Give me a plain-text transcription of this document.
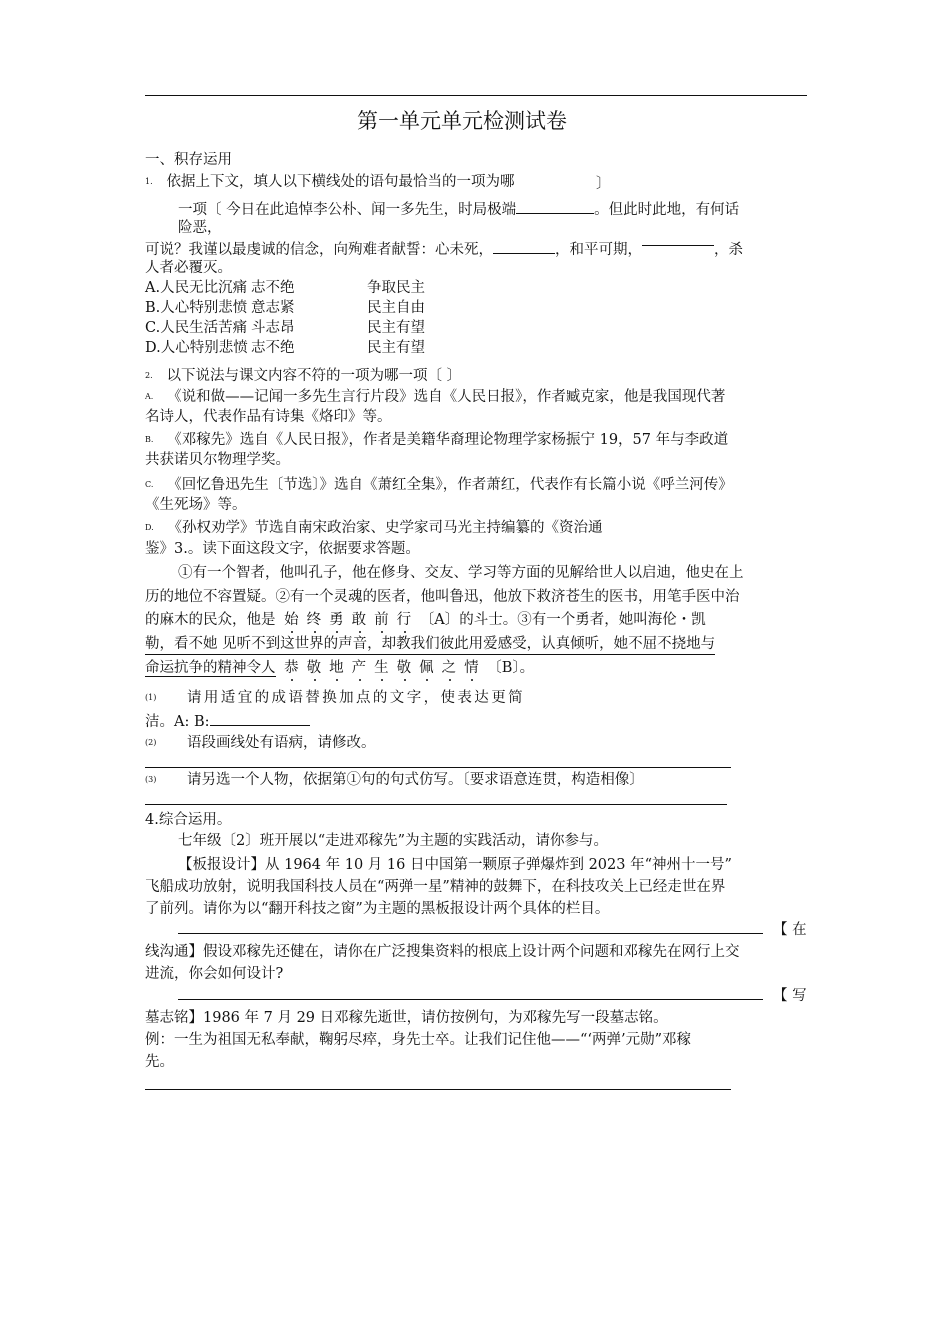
第一单元单元检测试卷
一、积存运用
1. 依据上下文，填人以下横线处的语句最恰当的一项为哪	〕
一项〔 今日在此追悼李公朴、闻一多先生，时局极端	。但此时此地，有何话
险恶，
可说？我谨以最虔诚的信念，向殉难者献誓：心未死，	，和平可期，	，杀
人者必覆灭。
A.人民无比沉痛 志不绝	争取民主
B.人心特别悲愤 意志紧	民主自由
C.人民生活苦痛 斗志昂	民主有望
D.人心特别悲愤 志不绝	民主有望
2. 以下说法与课文内容不符的一项为哪一项〔 〕
A. 《说和做——记闻一多先生言行片段》选自《人民日报》，作者臧克家，他是我国现代著
名诗人，代表作品有诗集《烙印》等。
B. 《邓稼先》选自《人民日报》，作者是美籍华裔理论物理学家杨振宁 19，57 年与李政道
共获诺贝尔物理学奖。
C. 《回忆鲁迅先生〔节选〕》选自《萧红全集》，作者萧红，代表作有长篇小说《呼兰河传》
《生死场》等。
D. 《孙权劝学》节选自南宋政治家、史学家司马光主持编纂的《资治通
鉴》3.。读下面这段文字，依据要求答题。
①有一个智者，他叫孔子，他在修身、交友、学习等方面的见解给世人以启迪，他史在上
历的地位不容置疑。②有一个灵魂的医者，他叫鲁迅，他放下救济苍生的医书，用笔手医中治
的麻木的民众，他是 始 终 勇 敢 前 行 〔A〕的斗士。③有一个勇者，她叫海伦・凯
勒，看不她 见听不到这世界的声音，却教我们彼此用爱感受，认真倾听，她不屈不挠地与
命运抗争的精神令人 恭 敬 地 产 生 敬 佩 之 情 〔B〕。
(1) 请用适宜的成语替换加点的文字，使表达更简
洁。A: B:
(2) 语段画线处有语病，请修改。
(3) 请另选一个人物，依据第①句的句式仿写。〔要求语意连贯，构造相像〕
4.综合运用。
七年级〔2〕班开展以“走进邓稼先”为主题的实践活动，请你参与。
【板报设计】从 1964 年 10 月 16 日中国第一颗原子弹爆炸到 2023 年“神州十一号”
飞船成功放射，说明我国科技人员在“两弹一星”精神的鼓舞下，在科技攻关上已经走世在界
了前列。请你为以“翻开科技之窗”为主题的黑板报设计两个具体的栏目。
【 在
线沟通】假设邓稼先还健在，请你在广泛搜集资料的根底上设计两个问题和邓稼先在网行上交
进流，你会如何设计?
【 写
墓志铭】1986 年 7 月 29 日邓稼先逝世，请仿按例句，为邓稼先写一段墓志铭。
例：一生为祖国无私奉献，鞠躬尽瘁，身先士卒。让我们记住他——“‘两弹’元勋”邓稼
先。
